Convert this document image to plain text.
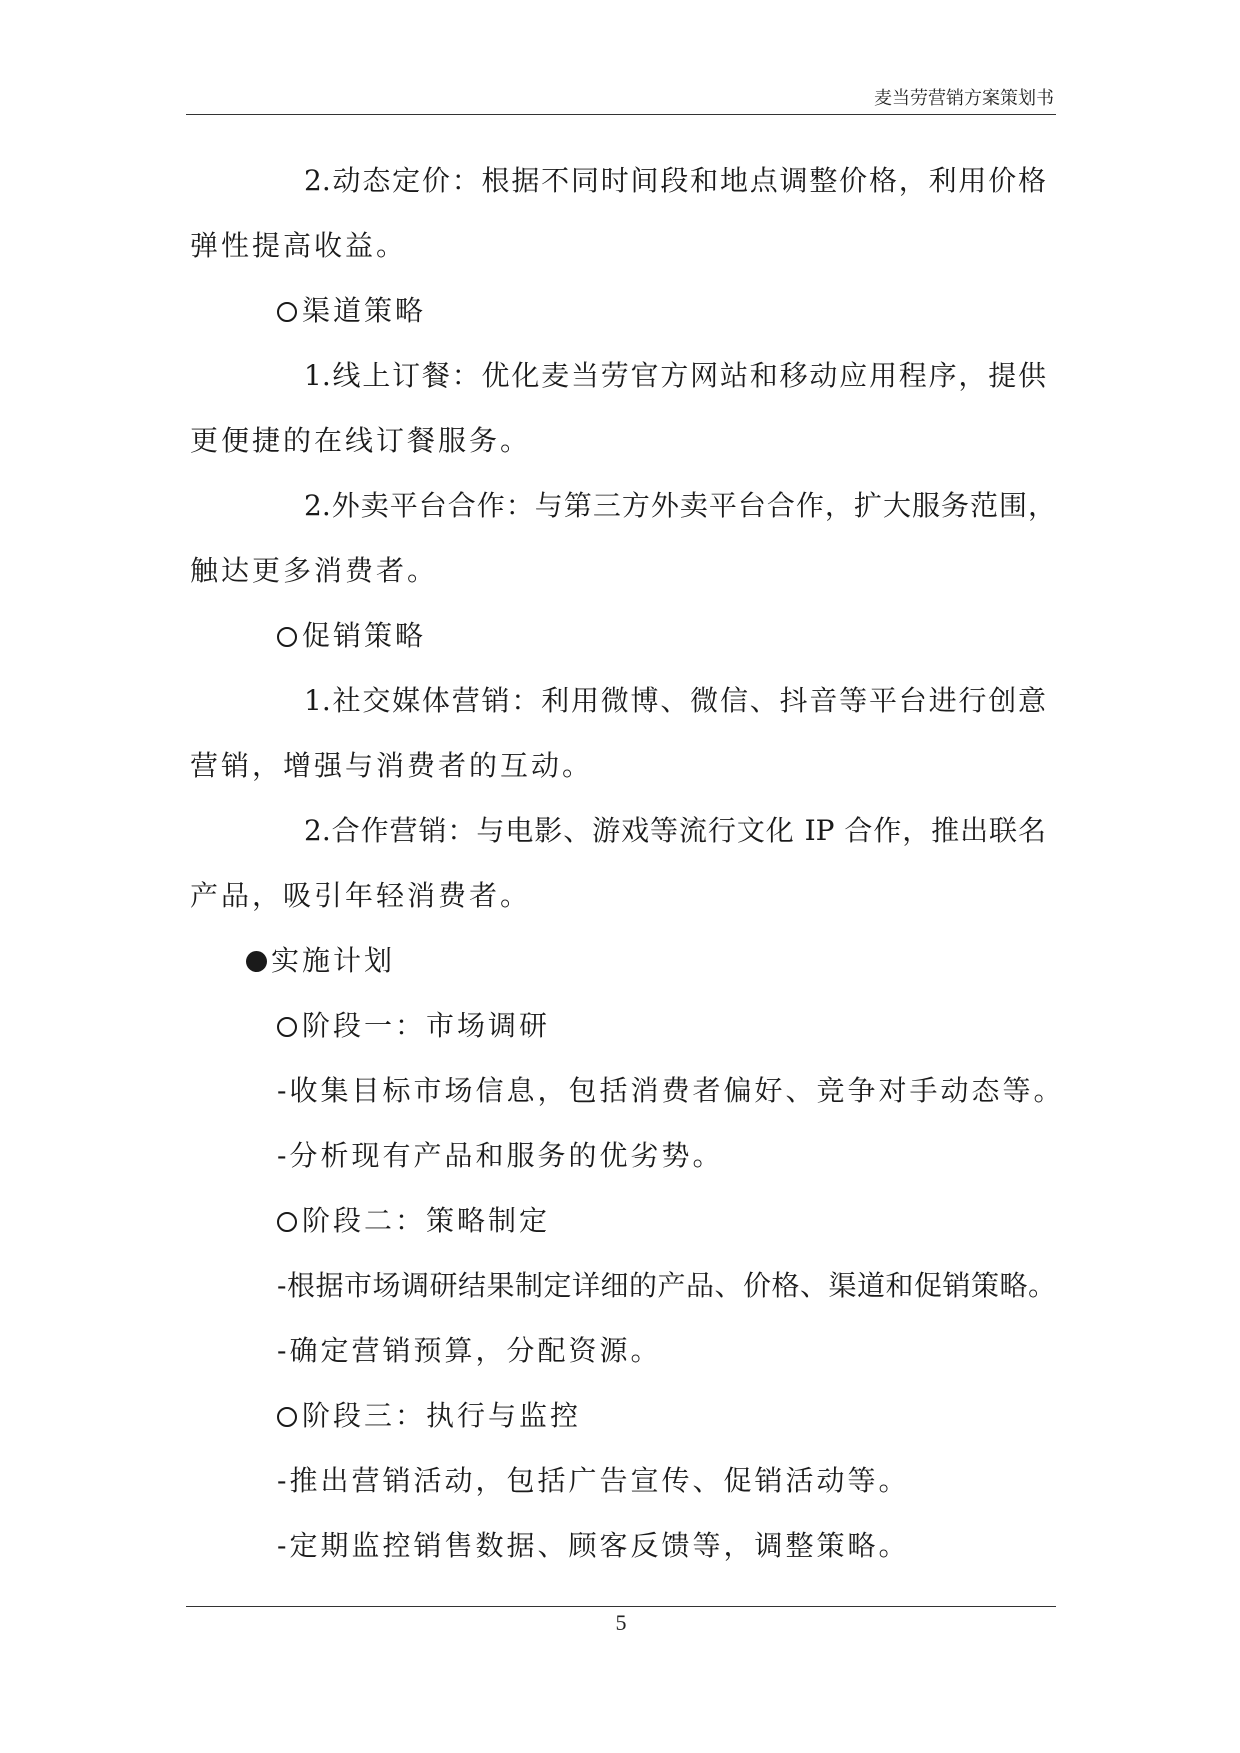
麦当劳营销方案策划书
2.动态定价：根据不同时间段和地点调整价格，利用价格
弹性提高收益。
渠道策略
1.线上订餐：优化麦当劳官方网站和移动应用程序，提供
更便捷的在线订餐服务。
2.外卖平台合作：与第三方外卖平台合作，扩大服务范围，
触达更多消费者。
促销策略
1.社交媒体营销：利用微博、微信、抖音等平台进行创意
营销，增强与消费者的互动。
2.合作营销：与电影、游戏等流行文化 IP 合作，推出联名
产品，吸引年轻消费者。
实施计划
阶段一：市场调研
-收集目标市场信息，包括消费者偏好、竞争对手动态等。
-分析现有产品和服务的优劣势。
阶段二：策略制定
-根据市场调研结果制定详细的产品、价格、渠道和促销策略。
-确定营销预算，分配资源。
阶段三：执行与监控
-推出营销活动，包括广告宣传、促销活动等。
-定期监控销售数据、顾客反馈等，调整策略。
5
